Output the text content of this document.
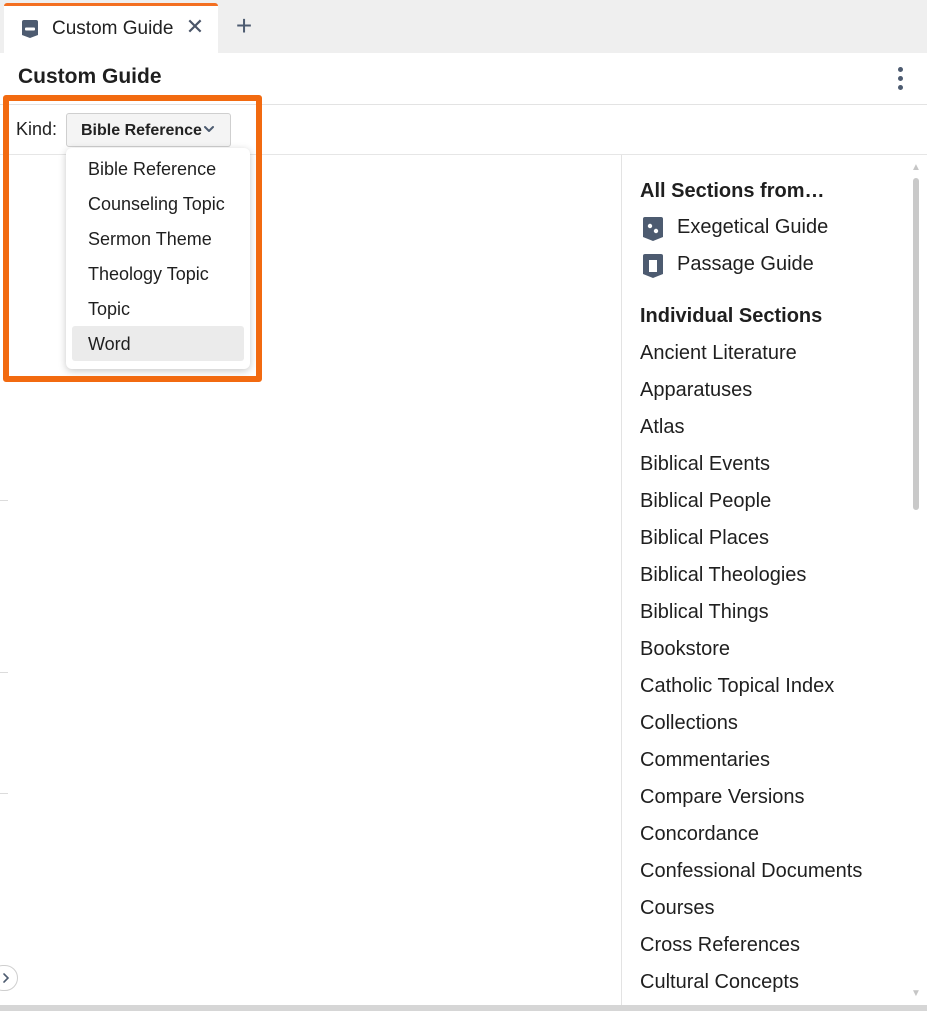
Custom Guide ✕ +
Custom Guide
Kind: Bible Reference
Bible Reference
Counseling Topic
Sermon Theme
Theology Topic
Topic
Word
All Sections from…
Exegetical Guide
Passage Guide
Individual Sections
Ancient Literature
Apparatuses
Atlas
Biblical Events
Biblical People
Biblical Places
Biblical Theologies
Biblical Things
Bookstore
Catholic Topical Index
Collections
Commentaries
Compare Versions
Concordance
Confessional Documents
Courses
Cross References
Cultural Concepts
▲
▼
